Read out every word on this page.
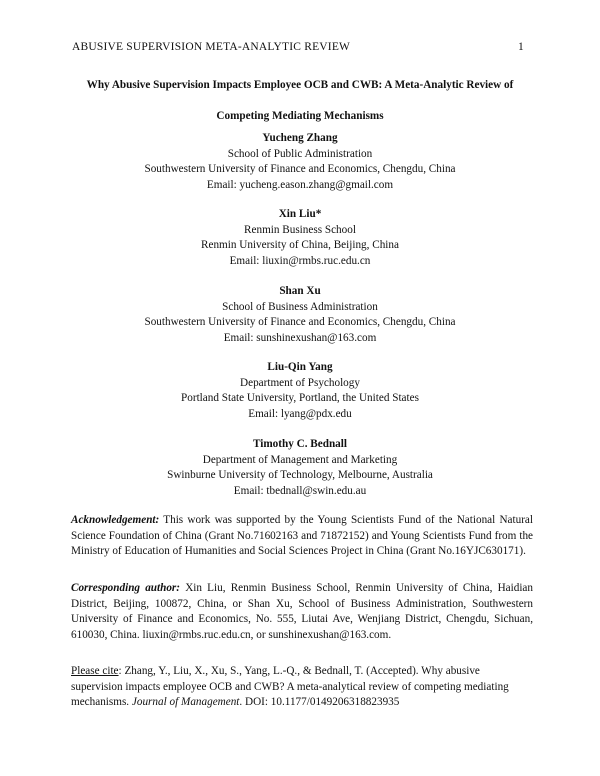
ABUSIVE SUPERVISION META-ANALYTIC REVIEW	1
Why Abusive Supervision Impacts Employee OCB and CWB: A Meta-Analytic Review of
Competing Mediating Mechanisms
Yucheng Zhang
School of Public Administration
Southwestern University of Finance and Economics, Chengdu, China
Email: yucheng.eason.zhang@gmail.com
Xin Liu*
Renmin Business School
Renmin University of China, Beijing, China
Email: liuxin@rmbs.ruc.edu.cn
Shan Xu
School of Business Administration
Southwestern University of Finance and Economics, Chengdu, China
Email: sunshinexushan@163.com
Liu-Qin Yang
Department of Psychology
Portland State University, Portland, the United States
Email: lyang@pdx.edu
Timothy C. Bednall
Department of Management and Marketing
Swinburne University of Technology, Melbourne, Australia
Email: tbednall@swin.edu.au
Acknowledgement: This work was supported by the Young Scientists Fund of the National Natural Science Foundation of China (Grant No.71602163 and 71872152) and Young Scientists Fund from the Ministry of Education of Humanities and Social Sciences Project in China (Grant No.16YJC630171).
Corresponding author: Xin Liu, Renmin Business School, Renmin University of China, Haidian District, Beijing, 100872, China, or Shan Xu, School of Business Administration, Southwestern University of Finance and Economics, No. 555, Liutai Ave, Wenjiang District, Chengdu, Sichuan, 610030, China. liuxin@rmbs.ruc.edu.cn, or sunshinexushan@163.com.
Please cite: Zhang, Y., Liu, X., Xu, S., Yang, L.-Q., & Bednall, T. (Accepted). Why abusive supervision impacts employee OCB and CWB? A meta-analytical review of competing mediating mechanisms. Journal of Management. DOI: 10.1177/0149206318823935
